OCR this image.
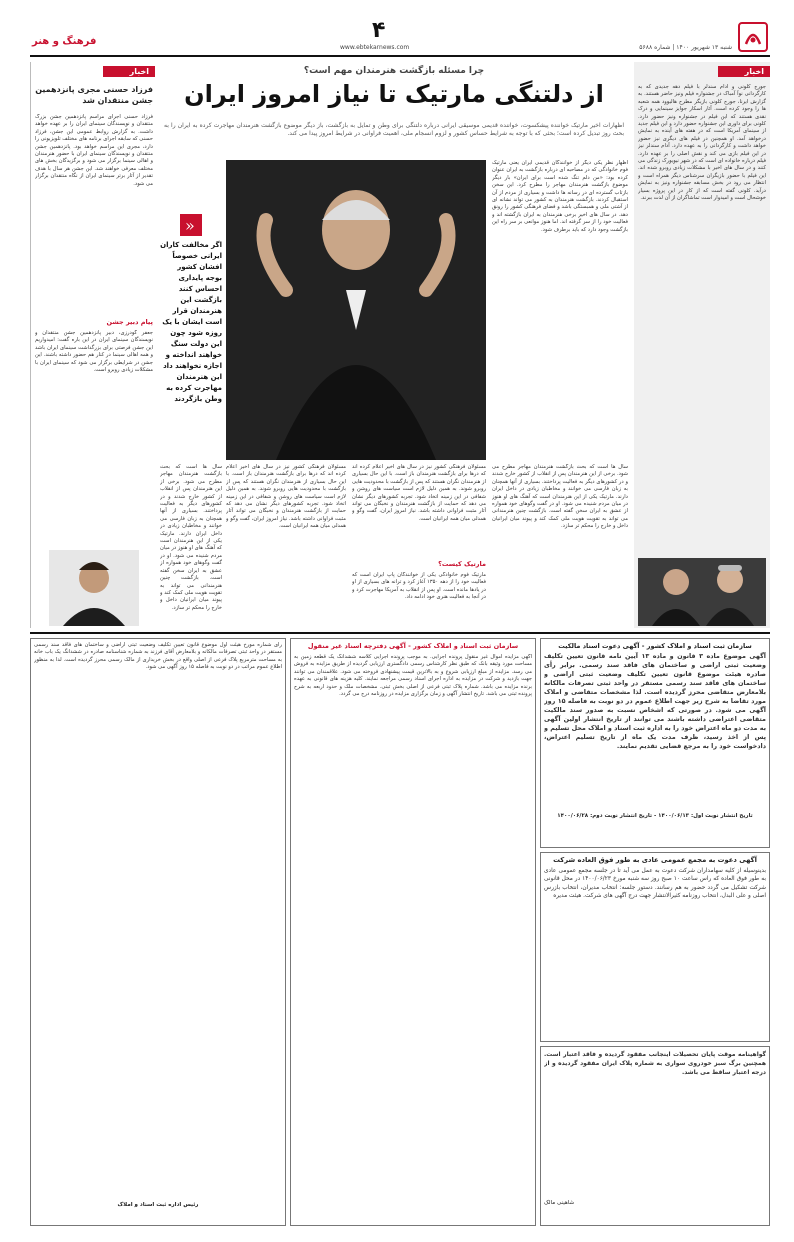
فرهنگ و هنر	۴
www.ebtekarnews.com	شنبه ۱۳ شهریور ۱۴۰۰ | شماره ۵۶۸۸
اخبار
جورج کلونی و آدام سندلر با فیلم دهه جدیدی که به کارگردانی نوآ آمباک در جشنواره فیلم ونیز حاضر هستند. به گزارش ایرنا، جورج کلونی بازیگر مطرح هالیوود همه شعبه ها را وجود کرده است. آثار اسکار جوایز سینمایی و درک نقدی هستند که این فیلم در جشنواره ونیز حضور دارد. کلونی برای داوری این جشنواره حضور دارد و این فیلم جدید از سینمای آمریکا است که در هفته های آینده به نمایش درخواهد آمد. او همچنین در فیلم های دیگری نیز حضور خواهد داشت و کارگردانی را به عهده دارد. آدام سندلر نیز در این فیلم بازی می کند و نقش اصلی را بر عهده دارد. فیلم درباره خانواده ای است که در شهر نیویورک زندگی می کنند و در سال های اخیر با مشکلات زیادی روبرو شده اند. این فیلم با حضور بازیگران سرشناس دیگر همراه است و انتظار می رود در بخش مسابقه جشنواره ونیز به نمایش درآید. کلونی گفته است که از کار در این پروژه بسیار خوشحال است و امیدوار است تماشاگران از آن لذت ببرند.
چرا مسئله بازگشت هنرمندان مهم است؟
از دلتنگی مارتیک تا نیاز امروز ایران
اظهارات اخیر مارتیک خواننده پیشکسوت، خواننده قدیمی موسیقی ایرانی درباره دلتنگی برای وطن و تمایل به بازگشت، باز دیگر موضوع بازگشت هنرمندان مهاجرت کرده به ایران را به بحث روز تبدیل کرده است؛ بحثی که با توجه به شرایط حساس کشور و لزوم انسجام ملی، اهمیت فراوانی در شرایط امروز پیدا می کند.
اظهار نظر یکی دیگر از خوانندگان قدیمی ایران یعنی مارتیک فوم خانوادگی که در مصاحبه ای درباره بازگشت به ایران عنوان کرده بود: «من دلم تنگ شده است برای ایران» بار دیگر موضوع بازگشت هنرمندان مهاجر را مطرح کرد. این سخن بازتاب گسترده ای در رسانه ها داشت و بسیاری از مردم از آن استقبال کردند. بازگشت هنرمندان به کشور می تواند نشانه ای از آشتی ملی و همبستگی باشد و فضای فرهنگی کشور را رونق دهد. در سال های اخیر برخی هنرمندان به ایران بازگشته اند و فعالیت خود را از سر گرفته اند. اما هنوز موانعی بر سر راه این بازگشت وجود دارد که باید برطرف شود.
»
اگر مخالفت کاران ایرانی خصوصاً افشان کشور بوجه پایداری احساس کنند بازگشت این هنرمندان قرار است ایشان با یک روزه شود چون این دولت سنگ خواهند انداخته‌ و اجازه نخواهند داد این هنرمندان مهاجرت کرده به وطن بازگردند
سال ها است که بحث بازگشت هنرمندان مهاجر مطرح می شود. برخی از این هنرمندان پس از انقلاب از کشور خارج شدند و در کشورهای دیگر به فعالیت پرداختند. بسیاری از آنها همچنان به زبان فارسی می خوانند و مخاطبان زیادی در داخل ایران دارند. مارتیک یکی از این هنرمندان است که آهنگ های او هنوز در میان مردم شنیده می شود. او در گفت وگوهای خود همواره از عشق به ایران سخن گفته است. بازگشت چنین هنرمندانی می تواند به تقویت هویت ملی کمک کند و پیوند میان ایرانیان داخل و خارج را محکم تر سازد.
مسئولان فرهنگی کشور نیز در سال های اخیر اعلام کرده اند که درها برای بازگشت هنرمندان باز است. با این حال بسیاری از هنرمندان نگران هستند که پس از بازگشت با محدودیت هایی روبرو شوند. به همین دلیل لازم است سیاست های روشن و شفافی در این زمینه اتخاذ شود. تجربه کشورهای دیگر نشان می دهد که حمایت از بازگشت هنرمندان و نخبگان می تواند آثار مثبت فراوانی داشته باشد. نیاز امروز ایران، گفت وگو و همدلی میان همه ایرانیان است.
مارتیک کیست؟
مارتیک فوم خانوادگی یکی از خوانندگان پاپ ایران است که فعالیت خود را از دهه ۱۳۵۰ آغاز کرد و ترانه های بسیاری از او در یادها مانده است. او پس از انقلاب به آمریکا مهاجرت کرد و در آنجا به فعالیت هنری خود ادامه داد.
مسئولان فرهنگی کشور نیز در سال های اخیر اعلام کرده اند که درها برای بازگشت هنرمندان باز است. با این حال بسیاری از هنرمندان نگران هستند که پس از بازگشت با محدودیت هایی روبرو شوند. به همین دلیل لازم است سیاست های روشن و شفافی در این زمینه اتخاذ شود. تجربه کشورهای دیگر نشان می دهد که حمایت از بازگشت هنرمندان و نخبگان می تواند آثار مثبت فراوانی داشته باشد. نیاز امروز ایران، گفت وگو و همدلی میان همه ایرانیان است.
سال ها است که بحث بازگشت هنرمندان مهاجر مطرح می شود. برخی از این هنرمندان پس از انقلاب از کشور خارج شدند و در کشورهای دیگر به فعالیت پرداختند. بسیاری از آنها همچنان به زبان فارسی می خوانند و مخاطبان زیادی در داخل ایران دارند. مارتیک یکی از این هنرمندان است که آهنگ های او هنوز در میان مردم شنیده می شود. او در گفت وگوهای خود همواره از عشق به ایران سخن گفته است. بازگشت چنین هنرمندانی می تواند به تقویت هویت ملی کمک کند و پیوند میان ایرانیان داخل و خارج را محکم تر سازد.
اخبار
فرزاد حسنی مجری پانزدهمین جشن منتقدان شد
فرزاد حسنی اجرای مراسم پانزدهمین جشن بزرگ منتقدان و نویسندگان سینمای ایران را بر عهده خواهد داشت. به گزارش روابط عمومی این جشن، فرزاد حسنی که سابقه اجرای برنامه های مختلف تلویزیونی را دارد، مجری این مراسم خواهد بود. پانزدهمین جشن منتقدان و نویسندگان سینمای ایران با حضور هنرمندان و اهالی سینما برگزار می شود و برگزیدگان بخش های مختلف معرفی خواهند شد. این جشن هر سال با هدف تقدیر از آثار برتر سینمای ایران از نگاه منتقدان برگزار می شود.
پیام دبیر جشن
جعفر گودرزی، دبیر پانزدهمین جشن منتقدان و نویسندگان سینمای ایران در این باره گفت: امیدواریم این جشن فرصتی برای بزرگداشت سینمای ایران باشد و همه اهالی سینما در کنار هم حضور داشته باشند. این جشن در شرایطی برگزار می شود که سینمای ایران با مشکلات زیادی روبرو است.
سازمان ثبت اسناد و املاک کشور - آگهی دعوت اسناد مالکیت
آگهی موضوع ماده ۳ قانون و ماده ۱۳ آیین نامه قانون تعیین تکلیف وضعیت ثبتی اراضی و ساختمان های فاقد سند رسمی. برابر رأی صادره هیئت موضوع قانون تعیین تکلیف وضعیت ثبتی اراضی و ساختمان های فاقد سند رسمی مستقر در واحد ثبتی تصرفات مالکانه بلامعارض متقاضی محرز گردیده است. لذا مشخصات متقاضی و املاک مورد تقاضا به شرح زیر جهت اطلاع عموم در دو نوبت به فاصله ۱۵ روز آگهی می شود. در صورتی که اشخاص نسبت به صدور سند مالکیت متقاضی اعتراضی داشته باشند می توانند از تاریخ انتشار اولین آگهی به مدت دو ماه اعتراض خود را به اداره ثبت اسناد و املاک محل تسلیم و پس از اخذ رسید، ظرف مدت یک ماه از تاریخ تسلیم اعتراض، دادخواست خود را به مرجع قضایی تقدیم نمایند.
تاریخ انتشار نوبت اول: ۱۴۰۰/۰۶/۱۳ - تاریخ انتشار نوبت دوم: ۱۴۰۰/۰۶/۲۸
آگهی دعوت به مجمع عمومی عادی به طور فوق العاده شرکت
بدینوسیله از کلیه سهامداران شرکت دعوت به عمل می آید تا در جلسه مجمع عمومی عادی به طور فوق العاده که راس ساعت ۱۰ صبح روز سه شنبه مورخ ۱۴۰۰/۰۶/۲۳ در محل قانونی شرکت تشکیل می گردد حضور به هم رسانند. دستور جلسه: انتخاب مدیران، انتخاب بازرس اصلی و علی البدل، انتخاب روزنامه کثیرالانتشار جهت درج آگهی های شرکت. هیئت مدیره
گواهینامه موقت پایان تحصیلات اینجانب مفقود گردیده و فاقد اعتبار است. همچنین برگ سبز خودروی سواری به شماره پلاک ایران مفقود گردیده و از درجه اعتبار ساقط می باشد.
شاهینی مالک
سازمان ثبت اسناد و املاک کشور - آگهی دفترچه اسناد غیر منقول
آگهی مزایده اموال غیر منقول پرونده اجرایی. به موجب پرونده اجرایی کلاسه ششدانگ یک قطعه زمین به مساحت مورد وثیقه بانک که طبق نظر کارشناس رسمی دادگستری ارزیابی گردیده از طریق مزایده به فروش می رسد. مزایده از مبلغ ارزیابی شروع و به بالاترین قیمت پیشنهادی فروخته می شود. علاقمندان می توانند جهت بازدید و شرکت در مزایده به اداره اجرای اسناد رسمی مراجعه نمایند. کلیه هزینه های قانونی به عهده برنده مزایده می باشد. شماره پلاک ثبتی فرعی از اصلی بخش ثبتی. مشخصات ملک و حدود اربعه به شرح پرونده ثبتی می باشد. تاریخ انتشار آگهی و زمان برگزاری مزایده در روزنامه درج می گردد.
رأی شماره مورخ هیئت اول موضوع قانون تعیین تکلیف وضعیت ثبتی اراضی و ساختمان های فاقد سند رسمی مستقر در واحد ثبتی تصرفات مالکانه و بلامعارض آقای فرزند به شماره شناسنامه صادره در ششدانگ یک باب خانه به مساحت مترمربع پلاک فرعی از اصلی واقع در بخش خریداری از مالک رسمی محرز گردیده است. لذا به منظور اطلاع عموم مراتب در دو نوبت به فاصله ۱۵ روز آگهی می شود.
رئیس اداره ثبت اسناد و املاک
